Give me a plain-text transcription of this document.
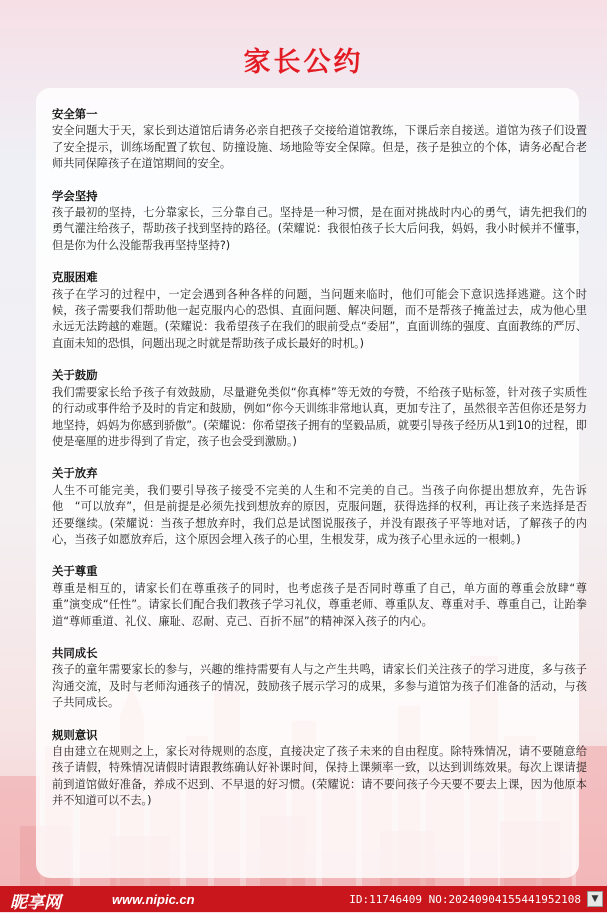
家长公约
安全第一

安全问题大于天，家长到达道馆后请务必亲自把孩子交接给道馆教练，下课后亲自接送。道馆为孩子们设置了安全提示，训练场配置了软包、防撞设施、场地险等安全保障。但是，孩子是独立的个体，请务必配合老师共同保障孩子在道馆期间的安全。

学会坚持

孩子最初的坚持，七分靠家长，三分靠自己。坚持是一种习惯，是在面对挑战时内心的勇气，请先把我们的勇气灌注给孩子，帮助孩子找到坚持的路径。(荣耀说：我很怕孩子长大后问我，妈妈，我小时候并不懂事，但是你为什么没能帮我再坚持坚持?)

克服困难

孩子在学习的过程中，一定会遇到各种各样的问题，当问题来临时，他们可能会下意识选择逃避。这个时候，孩子需要我们帮助他一起克服内心的恐惧、直面问题、解决问题，而不是帮孩子掩盖过去，成为他心里永远无法跨越的难题。(荣耀说：我希望孩子在我们的眼前受点“委屈”，直面训练的强度、直面教练的严厉、直面未知的恐惧，问题出现之时就是帮助孩子成长最好的时机。)

关于鼓励

我们需要家长给予孩子有效鼓励，尽量避免类似“你真棒”等无效的夸赞，不给孩子贴标签，针对孩子实质性的行动或事件给予及时的肯定和鼓励，例如“你今天训练非常地认真，更加专注了，虽然很辛苦但你还是努力地坚持，妈妈为你感到骄傲”。(荣耀说：你希望孩子拥有的坚毅品质，就要引导孩子经历从1到10的过程，即使是毫厘的进步得到了肯定，孩子也会受到激励。)

关于放弃

人生不可能完美，我们要引导孩子接受不完美的人生和不完美的自己。当孩子向你提出想放弃，先告诉他　“可以放弃”，但是前提是必须先找到想放弃的原因，克服问题，获得选择的权利，再让孩子来选择是否还要继续。(荣耀说：当孩子想放弃时，我们总是试图说服孩子，并没有跟孩子平等地对话，了解孩子的内心，当孩子如愿放弃后，这个原因会埋入孩子的心里，生根发芽，成为孩子心里永远的一根刺。)

关于尊重

尊重是相互的，请家长们在尊重孩子的同时，也考虑孩子是否同时尊重了自己，单方面的尊重会放肆“尊重”演变成“任性”。请家长们配合我们教孩子学习礼仪，尊重老师、尊重队友、尊重对手、尊重自己，让跆拳道“尊师重道、礼仪、廉耻、忍耐、克己、百折不屈”的精神深入孩子的内心。

共同成长

孩子的童年需要家长的参与，兴趣的维持需要有人与之产生共鸣，请家长们关注孩子的学习进度，多与孩子沟通交流，及时与老师沟通孩子的情况，鼓励孩子展示学习的成果，多参与道馆为孩子们准备的活动，与孩子共同成长。

规则意识

自由建立在规则之上，家长对待规则的态度，直接决定了孩子未来的自由程度。除特殊情况，请不要随意给孩子请假，特殊情况请假时请跟教练确认好补课时间，保持上课频率一致，以达到训练效果。每次上课请提前到道馆做好准备，养成不迟到、不早退的好习惯。(荣耀说：请不要问孩子今天要不要去上课，因为他原本并不知道可以不去。)

昵享网	www.nipic.cn	ID:11746409 NO:20240904155441952108	▼
